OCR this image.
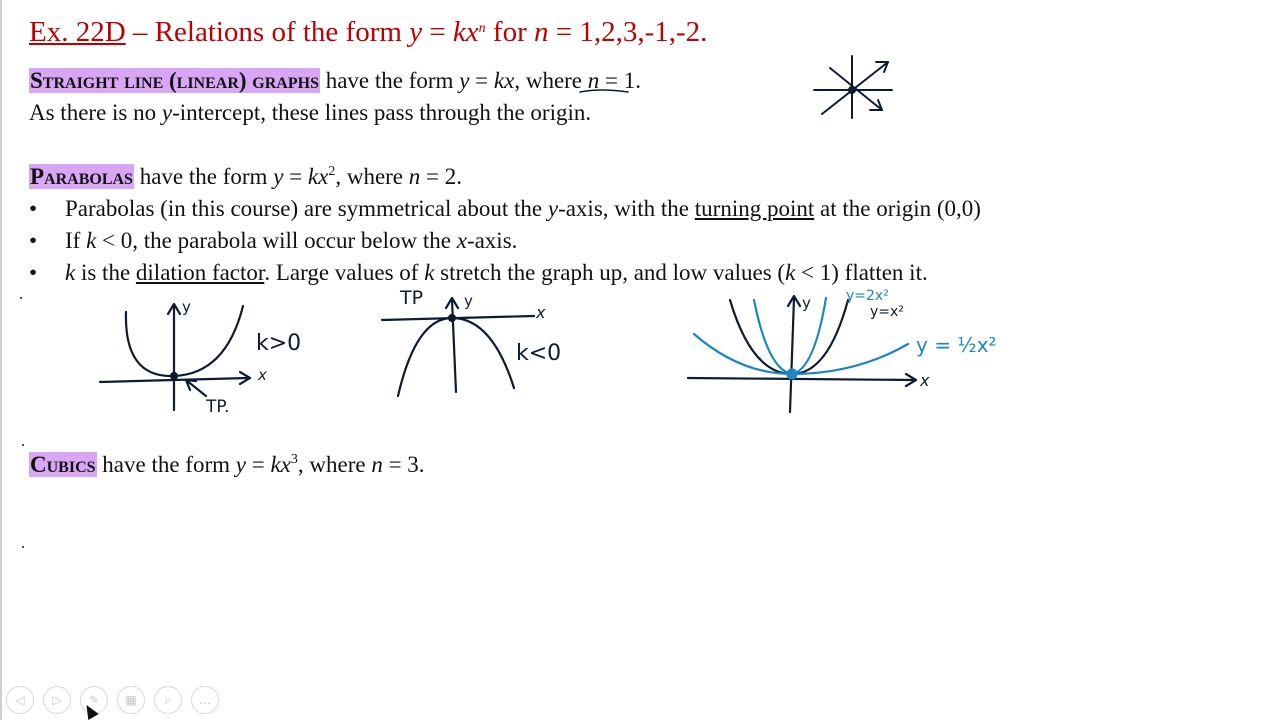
Ex. 22D – Relations of the form $y = kx^n$ for n = 1,2,3,-1,-2.
Straight line (linear) graphs have the form y = kx, where n = 1.
As there is no y-intercept, these lines pass through the origin.
Parabolas have the form $y = kx^2$, where n = 2.
• Parabolas (in this course) are symmetrical about the y-axis, with the turning point at the origin (0,0)
• If k < 0, the parabola will occur below the x-axis.
• k is the dilation factor. Large values of k stretch the graph up, and low values (k < 1) flatten it.
Cubics have the form $y = kx^3$, where n = 3.
y
x
k>0
TP.
TP	y
x
k<0
y
x
y=2x²
y=x²
y = ½x²
◁	▷	✎	▦	⌕	…
